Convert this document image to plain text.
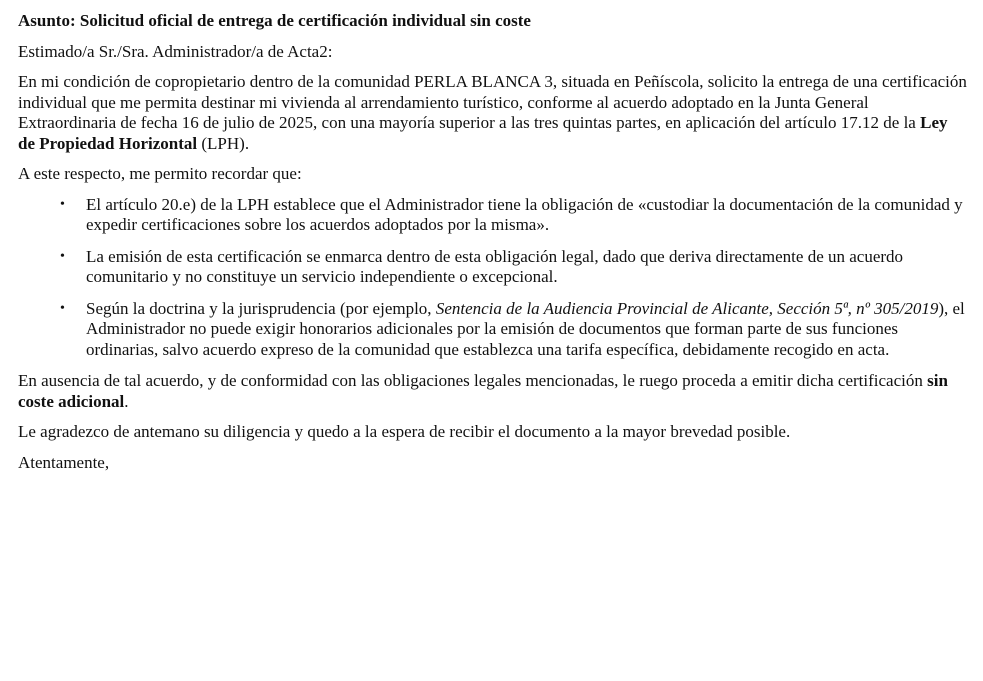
Asunto: Solicitud oficial de entrega de certificación individual sin coste

Estimado/a Sr./Sra. Administrador/a de Acta2:

En mi condición de copropietario dentro de la comunidad PERLA BLANCA 3, situada en Peñíscola, solicito la entrega de una certificación individual que me permita destinar mi vivienda al arrendamiento turístico, conforme al acuerdo adoptado en la Junta General Extraordinaria de fecha 16 de julio de 2025, con una mayoría superior a las tres quintas partes, en aplicación del artículo 17.12 de la Ley de Propiedad Horizontal (LPH).

A este respecto, me permito recordar que:

• El artículo 20.e) de la LPH establece que el Administrador tiene la obligación de «custodiar la documentación de la comunidad y expedir certificaciones sobre los acuerdos adoptados por la misma».
• La emisión de esta certificación se enmarca dentro de esta obligación legal, dado que deriva directamente de un acuerdo comunitario y no constituye un servicio independiente o excepcional.
• Según la doctrina y la jurisprudencia (por ejemplo, Sentencia de la Audiencia Provincial de Alicante, Sección 5ª, nº 305/2019), el Administrador no puede exigir honorarios adicionales por la emisión de documentos que forman parte de sus funciones ordinarias, salvo acuerdo expreso de la comunidad que establezca una tarifa específica, debidamente recogido en acta.

En ausencia de tal acuerdo, y de conformidad con las obligaciones legales mencionadas, le ruego proceda a emitir dicha certificación sin coste adicional.

Le agradezco de antemano su diligencia y quedo a la espera de recibir el documento a la mayor brevedad posible.

Atentamente,
